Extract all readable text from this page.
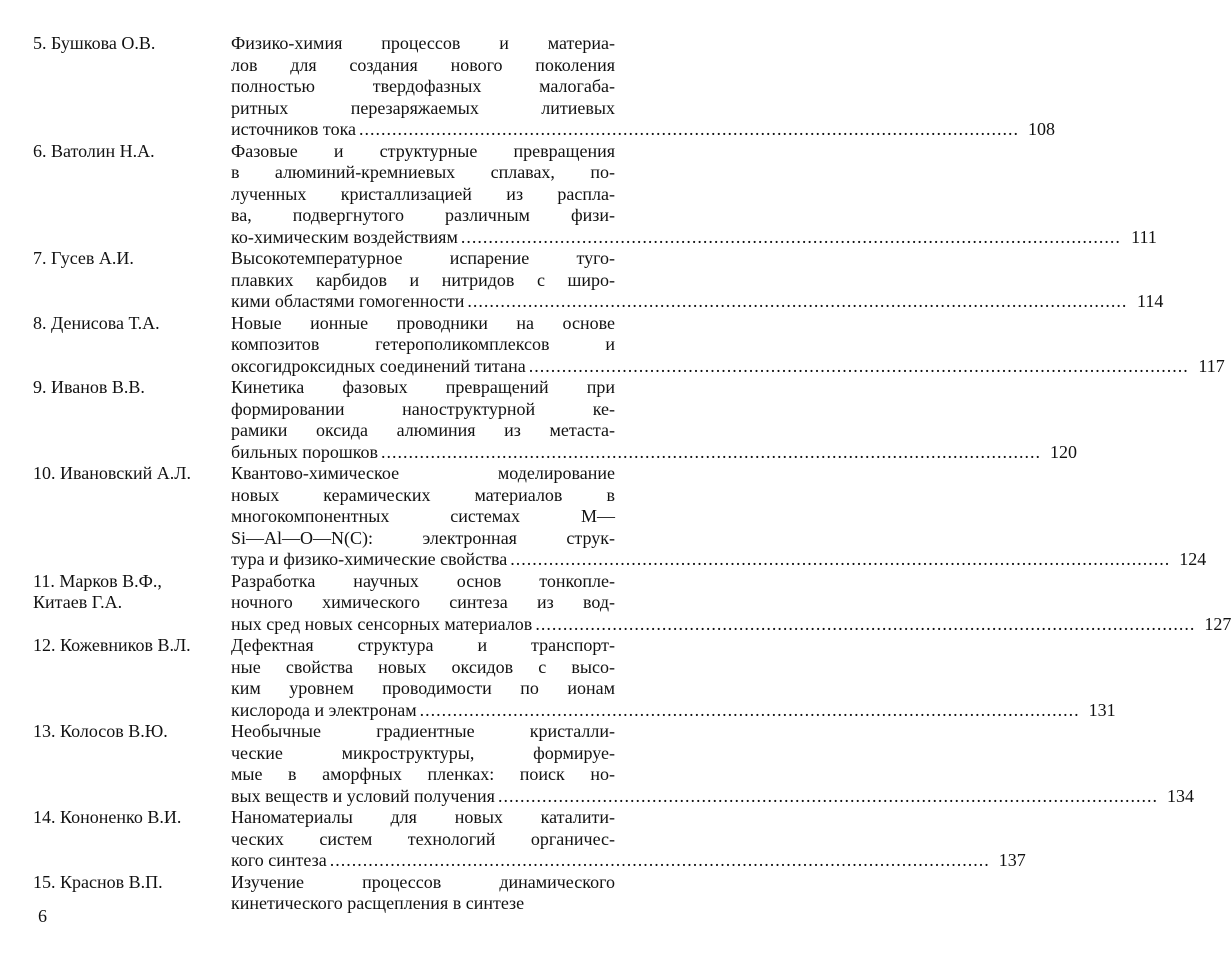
5. Бушкова О.В.	Физико-химия процессов и материа-
лов для создания нового поколения
полностью твердофазных малогаба-
ритных перезаряжаемых литиевых
источников тока ........................................................................................................................ 108
6. Ватолин Н.А.	Фазовые и структурные превращения
в алюминий-кремниевых сплавах, по-
лученных кристаллизацией из распла-
ва, подвергнутого различным физи-
ко-химическим воздействиям ........................................................................................................................ 111
7. Гусев А.И.	Высокотемпературное испарение туго-
плавких карбидов и нитридов с широ-
кими областями гомогенности ........................................................................................................................ 114
8. Денисова Т.А.	Новые ионные проводники на основе
композитов гетерополикомплексов и
оксогидроксидных соединений титана ........................................................................................................................ 117
9. Иванов В.В.	Кинетика фазовых превращений при
формировании наноструктурной ке-
рамики оксида алюминия из метаста-
бильных порошков ........................................................................................................................ 120
10. Ивановский А.Л.	Квантово-химическое моделирование
новых керамических материалов в
многокомпонентных системах M—
Si—Al—O—N(C): электронная струк-
тура и физико-химические свойства ........................................................................................................................ 124
11. Марков В.Ф.,
Китаев Г.А.
Разработка научных основ тонкопле-
ночного химического синтеза из вод-
ных сред новых сенсорных материалов ........................................................................................................................ 127
12. Кожевников В.Л.	Дефектная структура и транспорт-
ные свойства новых оксидов с высо-
ким уровнем проводимости по ионам
кислорода и электронам ........................................................................................................................ 131
13. Колосов В.Ю.	Необычные градиентные кристалли-
ческие микроструктуры, формируе-
мые в аморфных пленках: поиск но-
вых веществ и условий получения ........................................................................................................................ 134
14. Кононенко В.И.	Наноматериалы для новых каталити-
ческих систем технологий органичес-
кого синтеза ........................................................................................................................ 137
15. Краснов В.П.	Изучение процессов динамического
кинетического расщепления в синтезе
6
